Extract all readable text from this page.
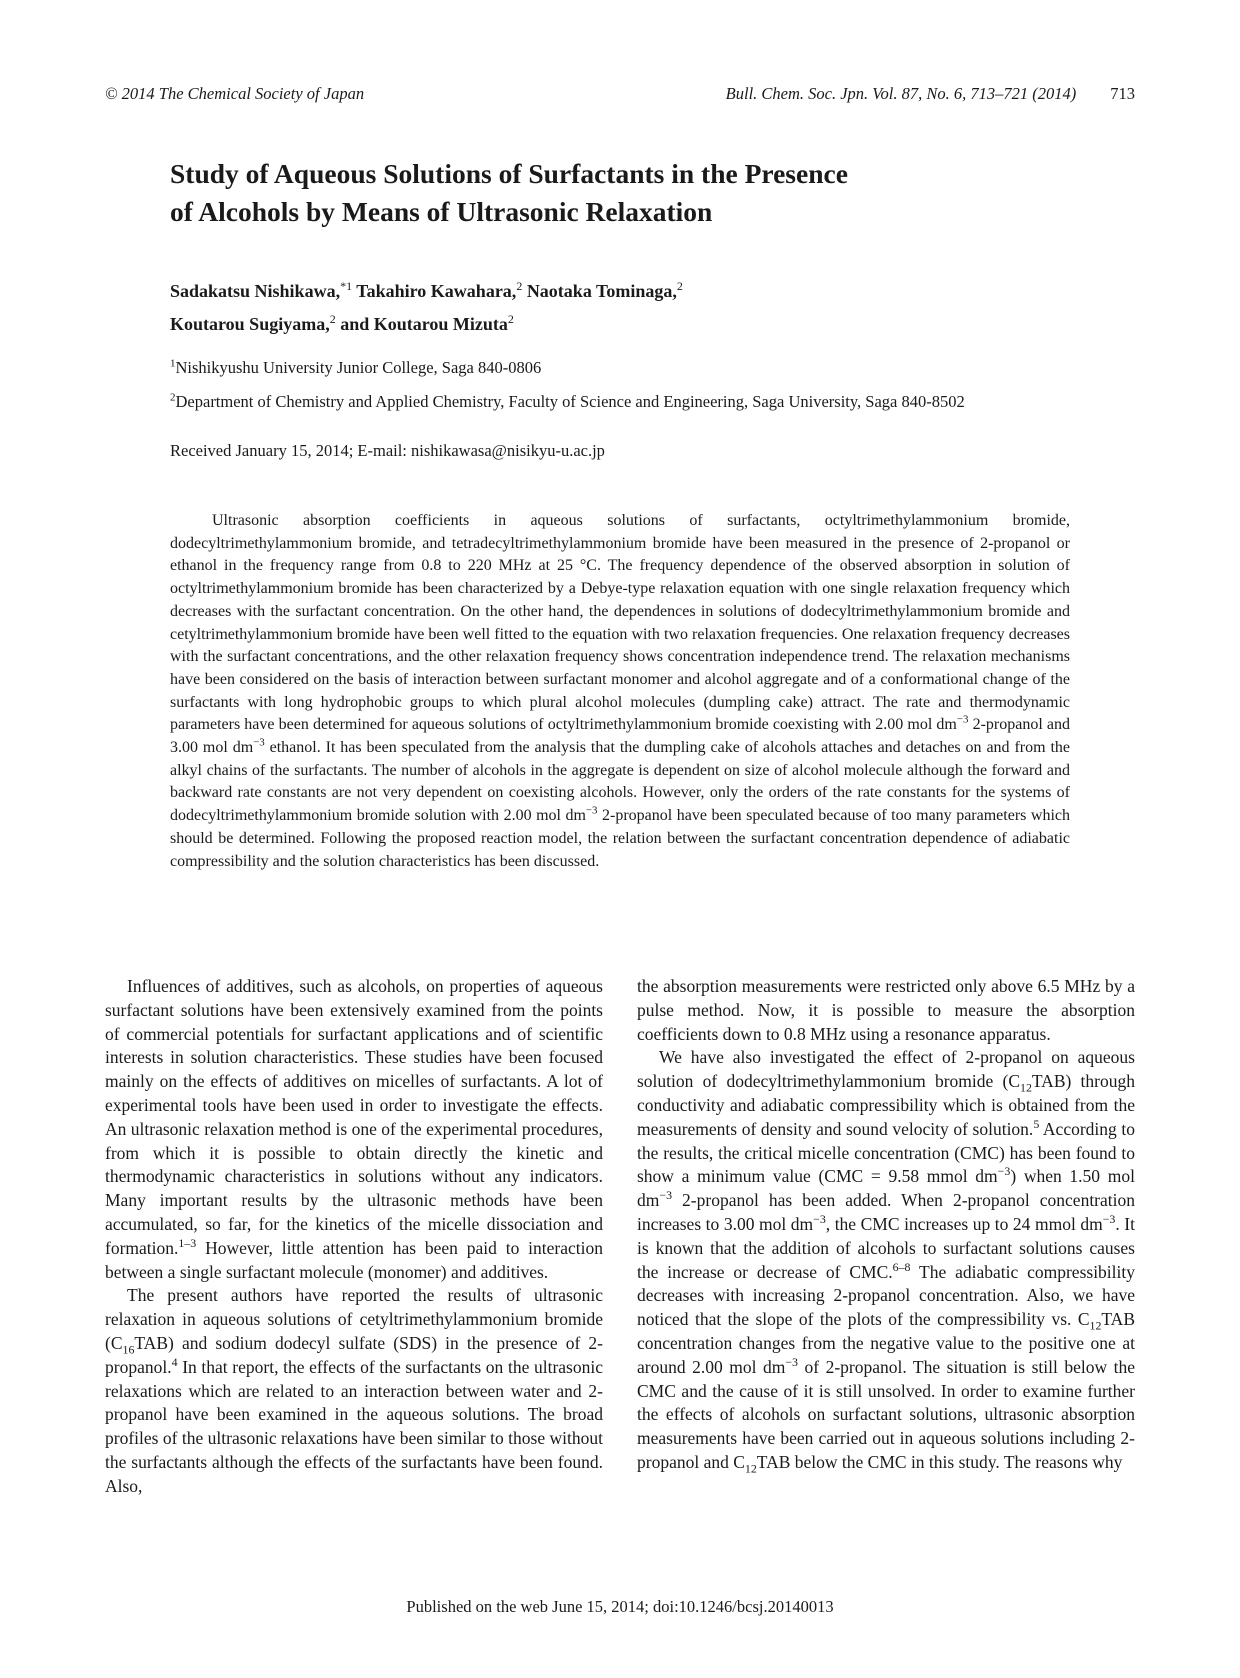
© 2014 The Chemical Society of Japan	Bull. Chem. Soc. Jpn. Vol. 87, No. 6, 713–721 (2014) 713
Study of Aqueous Solutions of Surfactants in the Presence
of Alcohols by Means of Ultrasonic Relaxation
Sadakatsu Nishikawa,$^{*1}$ Takahiro Kawahara,$^2$ Naotaka Tominaga,$^2$
Koutarou Sugiyama,$^2$ and Koutarou Mizuta$^2$
$^1$Nishikyushu University Junior College, Saga 840-0806
$^2$Department of Chemistry and Applied Chemistry, Faculty of Science and Engineering, Saga University, Saga 840-8502
Received January 15, 2014; E-mail: nishikawasa@nisikyu-u.ac.jp

Ultrasonic absorption coefficients in aqueous solutions of surfactants, octyltrimethylammonium bromide, dodecyltrimethylammonium bromide, and tetradecyltrimethylammonium bromide have been measured in the presence of 2-propanol or ethanol in the frequency range from 0.8 to 220 MHz at 25 °C. The frequency dependence of the observed absorption in solution of octyltrimethylammonium bromide has been characterized by a Debye-type relaxation equation with one single relaxation frequency which decreases with the surfactant concentration. On the other hand, the dependences in solutions of dodecyltrimethylammonium bromide and cetyltrimethylammonium bromide have been well fitted to the equation with two relaxation frequencies. One relaxation frequency decreases with the surfactant concentrations, and the other relaxation frequency shows concentration independence trend. The relaxation mechanisms have been considered on the basis of interaction between surfactant monomer and alcohol aggregate and of a conformational change of the surfactants with long hydrophobic groups to which plural alcohol molecules (dumpling cake) attract. The rate and thermodynamic parameters have been determined for aqueous solutions of octyltrimethylammonium bromide coexisting with 2.00 mol $dm^{-3}$ 2-propanol and 3.00 mol $dm^{-3}$ ethanol. It has been speculated from the analysis that the dumpling cake of alcohols attaches and detaches on and from the alkyl chains of the surfactants. The number of alcohols in the aggregate is dependent on size of alcohol molecule although the forward and backward rate constants are not very dependent on coexisting alcohols. However, only the orders of the rate constants for the systems of dodecyltrimethylammonium bromide solution with 2.00 mol $dm^{-3}$ 2-propanol have been speculated because of too many parameters which should be determined. Following the proposed reaction model, the relation between the surfactant concentration dependence of adiabatic compressibility and the solution characteristics has been discussed.

Influences of additives, such as alcohols, on properties of aqueous surfactant solutions have been extensively examined from the points of commercial potentials for surfactant applications and of scientific interests in solution characteristics. These studies have been focused mainly on the effects of additives on micelles of surfactants. A lot of experimental tools have been used in order to investigate the effects. An ultrasonic relaxation method is one of the experimental procedures, from which it is possible to obtain directly the kinetic and thermodynamic characteristics in solutions without any indicators. Many important results by the ultrasonic methods have been accumulated, so far, for the kinetics of the micelle dissociation and formation.$^{1-3}$ However, little attention has been paid to interaction between a single surfactant molecule (monomer) and additives.

The present authors have reported the results of ultrasonic relaxation in aqueous solutions of cetyltrimethylammonium bromide $(C_{16}TAB)$ and sodium dodecyl sulfate (SDS) in the presence of 2-propanol.$^4$ In that report, the effects of the surfactants on the ultrasonic relaxations which are related to an interaction between water and 2-propanol have been examined in the aqueous solutions. The broad profiles of the ultrasonic relaxations have been similar to those without the surfactants although the effects of the surfactants have been found. Also,

the absorption measurements were restricted only above 6.5 MHz by a pulse method. Now, it is possible to measure the absorption coefficients down to 0.8 MHz using a resonance apparatus.

We have also investigated the effect of 2-propanol on aqueous solution of dodecyltrimethylammonium bromide $(C_{12}TAB)$ through conductivity and adiabatic compressibility which is obtained from the measurements of density and sound velocity of solution.$^5$ According to the results, the critical micelle concentration (CMC) has been found to show a minimum value (CMC = 9.58 mmol $dm^{-3}$) when 1.50 mol $dm^{-3}$ 2-propanol has been added. When 2-propanol concentration increases to 3.00 mol $dm^{-3}$, the CMC increases up to 24 mmol $dm^{-3}$. It is known that the addition of alcohols to surfactant solutions causes the increase or decrease of CMC.$^{6-8}$ The adiabatic compressibility decreases with increasing 2-propanol concentration. Also, we have noticed that the slope of the plots of the compressibility vs. $C_{12}TAB$ concentration changes from the negative value to the positive one at around 2.00 mol $dm^{-3}$ of 2-propanol. The situation is still below the CMC and the cause of it is still unsolved. In order to examine further the effects of alcohols on surfactant solutions, ultrasonic absorption measurements have been carried out in aqueous solutions including 2-propanol and $C_{12}TAB$ below the CMC in this study. The reasons why

Published on the web June 15, 2014; doi:10.1246/bcsj.20140013
